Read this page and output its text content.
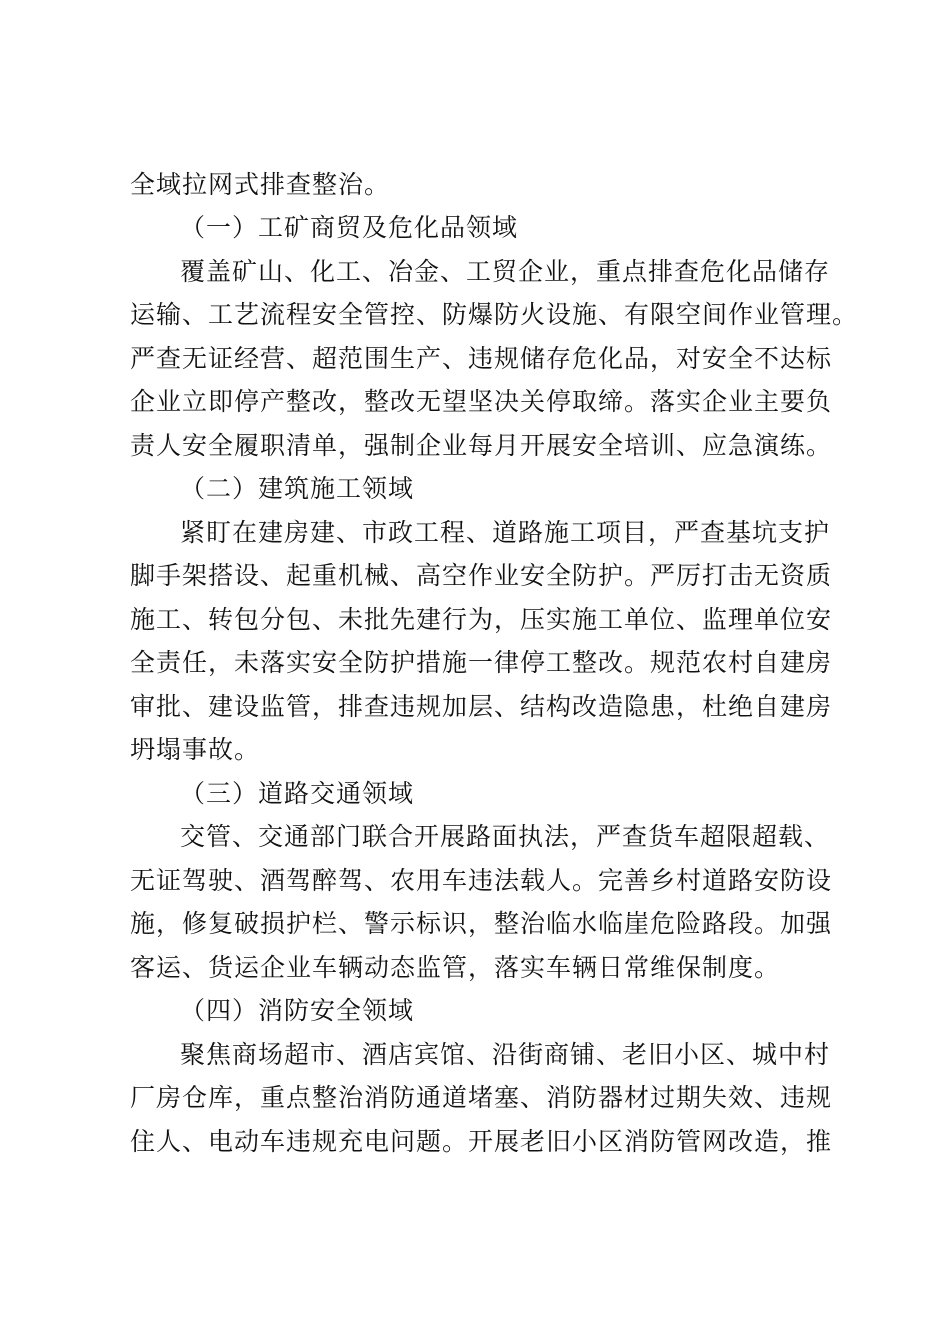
全域拉网式排查整治。
（一）工矿商贸及危化品领域
覆盖矿山、化工、冶金、工贸企业，重点排查危化品储存
运输、工艺流程安全管控、防爆防火设施、有限空间作业管理。
严查无证经营、超范围生产、违规储存危化品，对安全不达标
企业立即停产整改，整改无望坚决关停取缔。落实企业主要负
责人安全履职清单，强制企业每月开展安全培训、应急演练。
（二）建筑施工领域
紧盯在建房建、市政工程、道路施工项目，严查基坑支护
脚手架搭设、起重机械、高空作业安全防护。严厉打击无资质
施工、转包分包、未批先建行为，压实施工单位、监理单位安
全责任，未落实安全防护措施一律停工整改。规范农村自建房
审批、建设监管，排查违规加层、结构改造隐患，杜绝自建房
坍塌事故。
（三）道路交通领域
交管、交通部门联合开展路面执法，严查货车超限超载、
无证驾驶、酒驾醉驾、农用车违法载人。完善乡村道路安防设
施，修复破损护栏、警示标识，整治临水临崖危险路段。加强
客运、货运企业车辆动态监管，落实车辆日常维保制度。
（四）消防安全领域
聚焦商场超市、酒店宾馆、沿街商铺、老旧小区、城中村
厂房仓库，重点整治消防通道堵塞、消防器材过期失效、违规
住人、电动车违规充电问题。开展老旧小区消防管网改造，推
